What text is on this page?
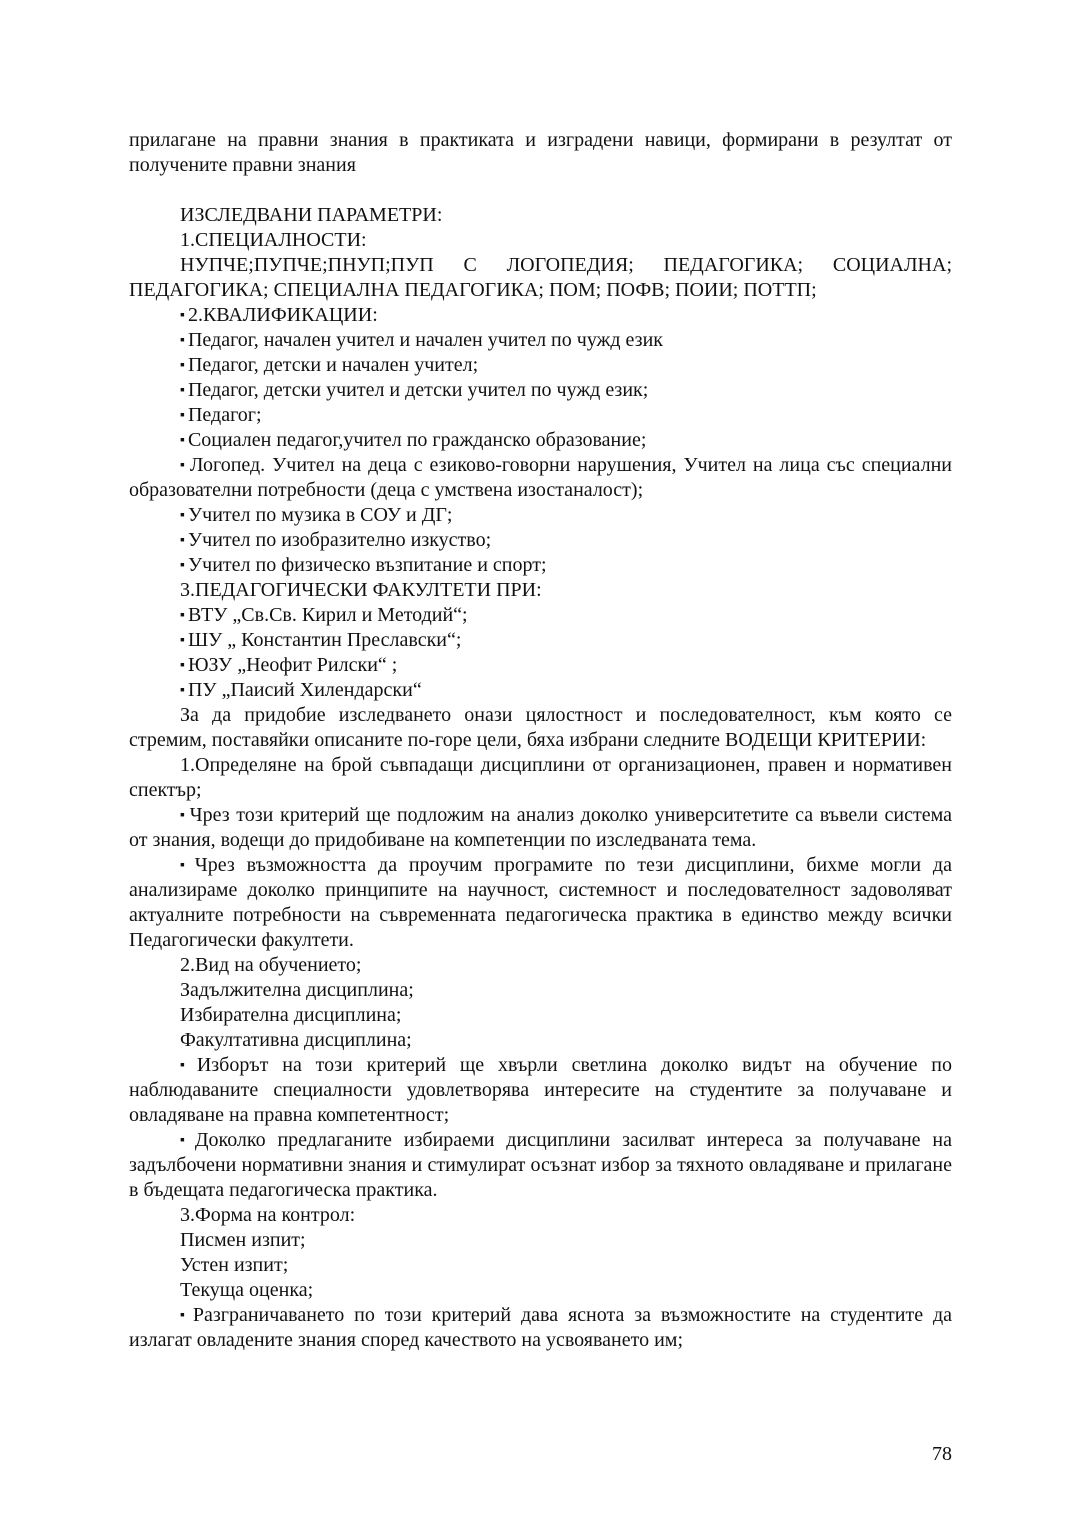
прилагане на правни знания в практиката и изградени навици, формирани в резултат от получените правни знания

ИЗСЛЕДВАНИ ПАРАМЕТРИ:

1.СПЕЦИАЛНОСТИ:

НУПЧЕ;ПУПЧЕ;ПНУП;ПУП С ЛОГОПЕДИЯ; ПЕДАГОГИКА; СОЦИАЛНА; ПЕДАГОГИКА; СПЕЦИАЛНА ПЕДАГОГИКА; ПОМ; ПОФВ; ПОИИ; ПОТТП;

▪ 2.КВАЛИФИКАЦИИ:

▪ Педагог, начален учител и начален учител по чужд език

▪ Педагог, детски и начален учител;

▪ Педагог, детски учител и детски учител по чужд език;

▪ Педагог;

▪ Социален педагог,учител по гражданско образование;

▪ Логопед. Учител на деца с езиково-говорни нарушения, Учител на лица със специални образователни потребности (деца с умствена изостаналост);

▪ Учител по музика в СОУ и ДГ;

▪ Учител по изобразително изкуство;

▪ Учител по физическо възпитание и спорт;

3.ПЕДАГОГИЧЕСКИ ФАКУЛТЕТИ ПРИ:

▪ ВТУ „Св.Св. Кирил и Методий“;

▪ ШУ „ Константин Преславски“;

▪ ЮЗУ „Неофит Рилски“ ;

▪ ПУ „Паисий Хилендарски“

За да придобие изследването онази цялостност и последователност, към която се стремим, поставяйки описаните по-горе цели, бяха избрани следните ВОДЕЩИ КРИТЕРИИ:

1.Определяне на брой съвпадащи дисциплини от организационен, правен и нормативен спектър;

▪ Чрез този критерий ще подложим на анализ доколко университетите са въвели система от знания, водещи до придобиване на компетенции по изследваната тема.

▪ Чрез възможността да проучим програмите по тези дисциплини, бихме могли да анализираме доколко принципите на научност, системност и последователност задоволяват актуалните потребности на съвременната педагогическа практика в единство между всички Педагогически факултети.

2.Вид на обучението;

Задължителна дисциплина;

Избирателна дисциплина;

Факултативна дисциплина;

▪ Изборът на този критерий ще хвърли светлина доколко видът на обучение по наблюдаваните специалности удовлетворява интересите на студентите за получаване и овладяване на правна компетентност;

▪ Доколко предлаганите избираеми дисциплини засилват интереса за получаване на задълбочени нормативни знания и стимулират осъзнат избор за тяхното овладяване и прилагане в бъдещата педагогическа практика.

3.Форма на контрол:

Писмен изпит;

Устен изпит;

Текуща оценка;

▪ Разграничаването по този критерий дава яснота за възможностите на студентите да излагат овладените знания според качеството на усвояването им;

78
